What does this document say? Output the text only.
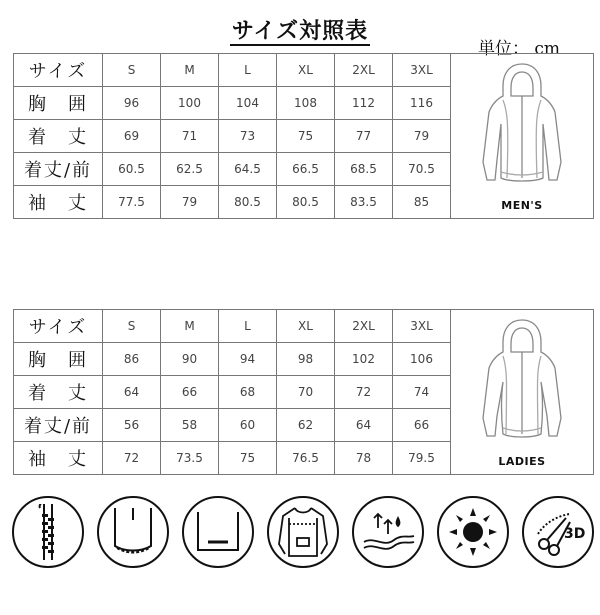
サイズ対照表
単位： cm
サイズ	S	M	L	XL	2XL	3XL	MEN'S

胸　囲	96	100	104	108	112	116	
着　丈	69	71	73	75	77	79	
着丈/前	60.5	62.5	64.5	66.5	68.5	70.5	
袖　丈	77.5	79	80.5	80.5	83.5	85	
サイズ	S	M	L	XL	2XL	3XL	LADIES

胸　囲	86	90	94	98	102	106	
着　丈	64	66	68	70	72	74	
着丈/前	56	58	60	62	64	66	
袖　丈	72	73.5	75	76.5	78	79.5	
3D
